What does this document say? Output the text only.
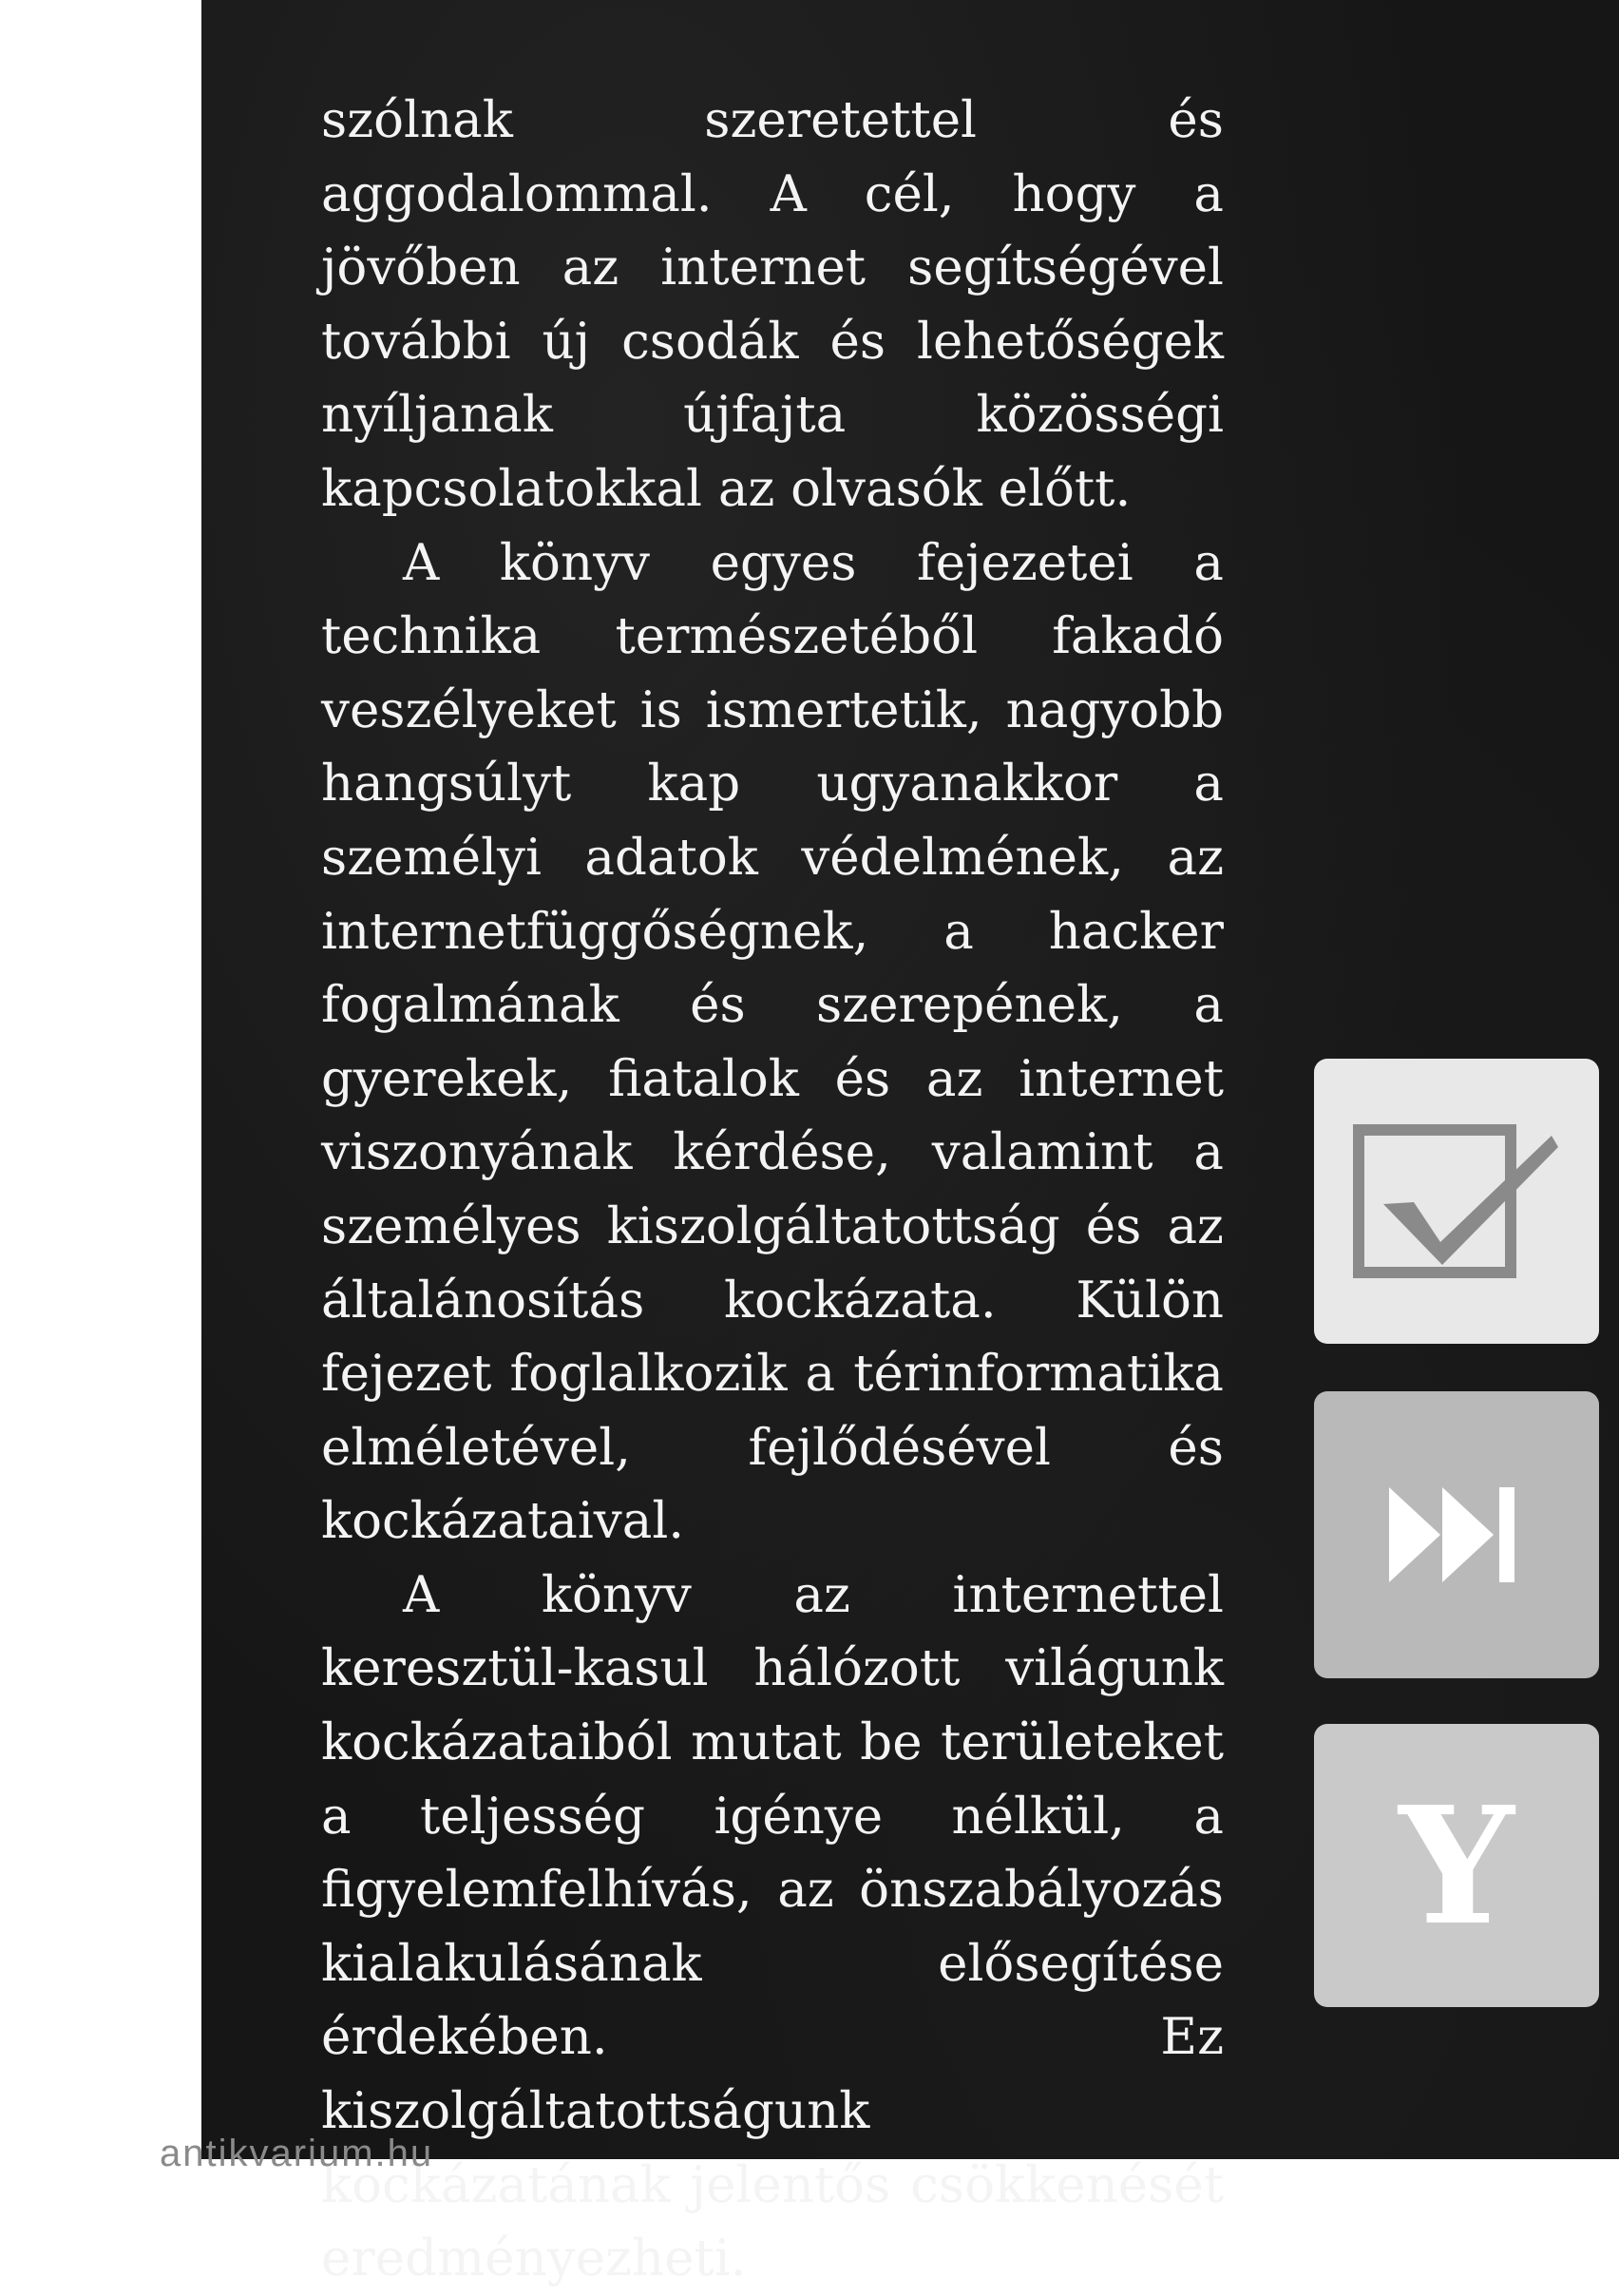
szólnak szeretettel és aggodalommal. A cél, hogy a jövőben az internet segítségével további új csodák és lehetőségek nyíljanak újfajta közösségi kapcsolatokkal az olvasók előtt.

A könyv egyes fejezetei a technika természetéből fakadó veszélyeket is ismertetik, nagyobb hangsúlyt kap ugyanakkor a személyi adatok védelmének, az internetfüggőségnek, a hacker fogalmának és szerepének, a gyerekek, fiatalok és az internet viszonyának kérdése, valamint a személyes kiszolgáltatottság és az általánosítás kockázata. Külön fejezet foglalkozik a térinformatika elméletével, fejlődésével és kockázataival.

A könyv az internettel keresztül-kasul hálózott világunk kockázataiból mutat be területeket a teljesség igénye nélkül, a figyelemfelhívás, az önszabályozás kialakulásának elősegítése érdekében. Ez kiszolgáltatottságunk kockázatának jelentős csökkenését eredményezheti.

Y
antikvarium.hu
